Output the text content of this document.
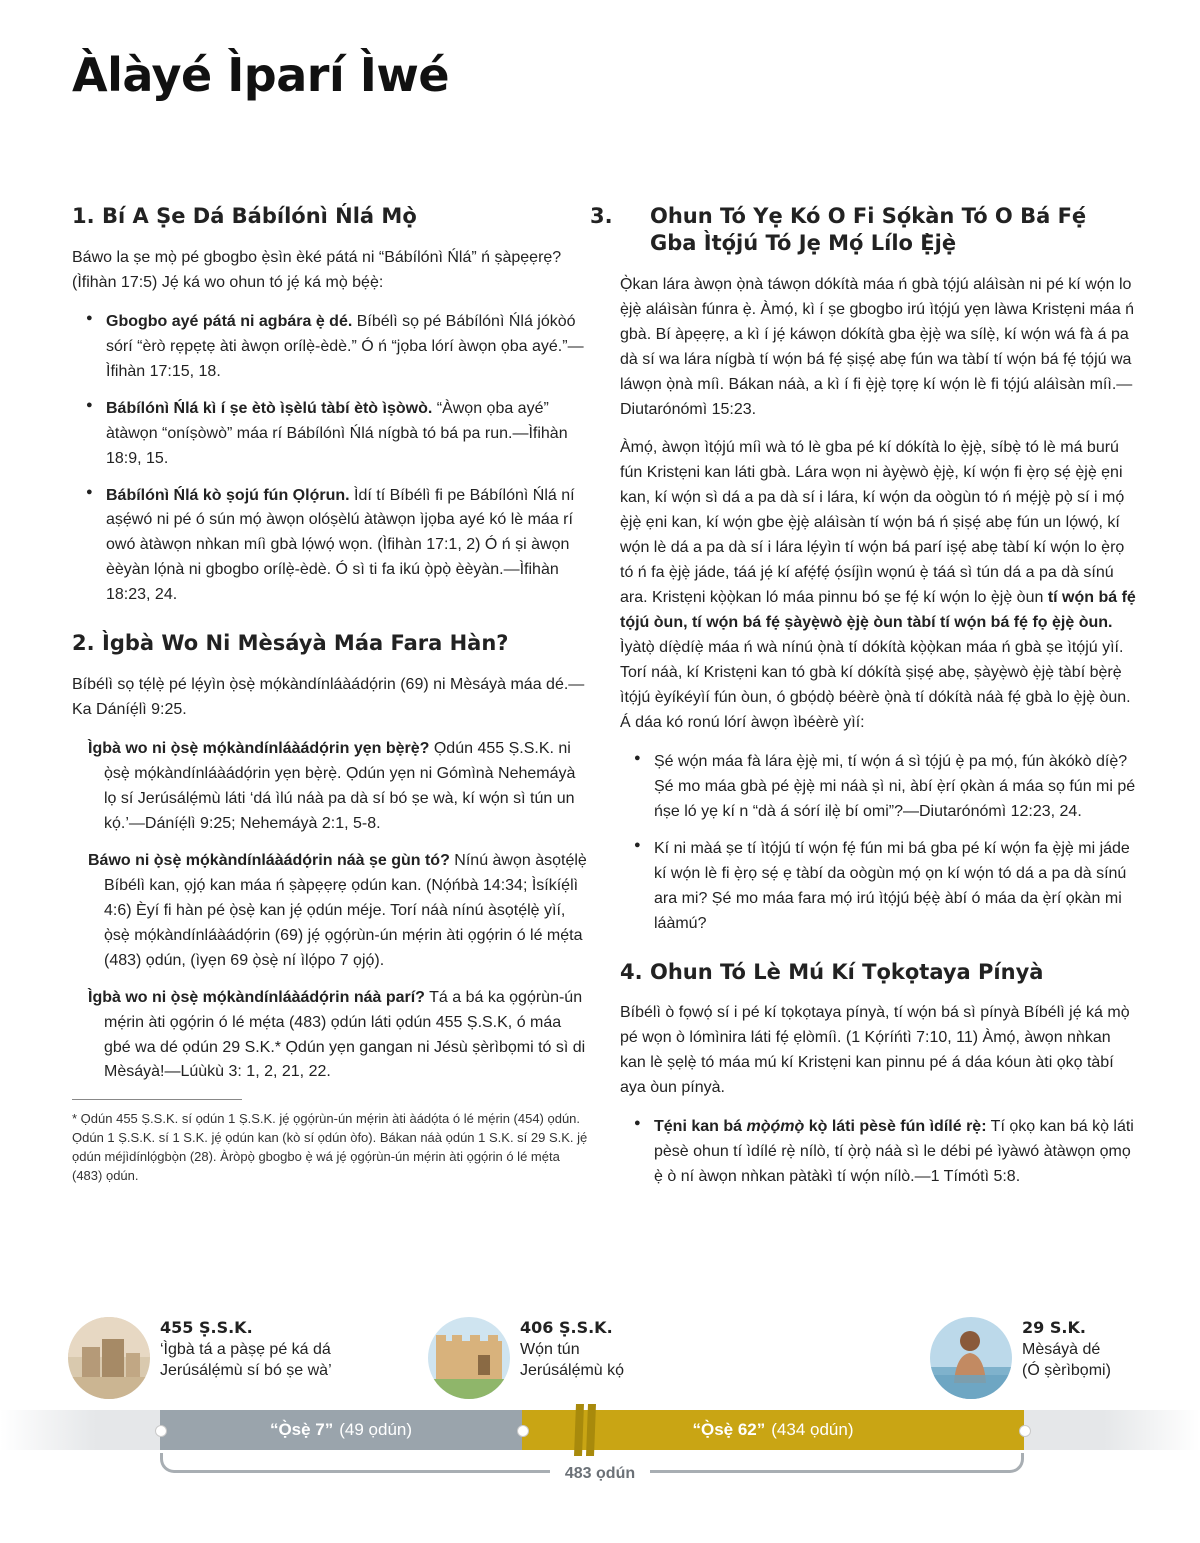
Àlàyé Ìparí Ìwé
1. Bí A Ṣe Dá Bábílónì Ńlá Mọ̀

Báwo la ṣe mọ̀ pé gbogbo ẹ̀sìn èké pátá ni “Bábílónì Ńlá” ń ṣàpẹẹrẹ? (Ìfihàn 17:5) Jẹ́ ká wo ohun tó jẹ́ ká mọ̀ bẹ́ẹ̀:

● Gbogbo ayé pátá ni agbára ẹ̀ dé. Bíbélì sọ pé Bábílónì Ńlá jókòó sórí “èrò rẹpẹtẹ àti àwọn orílẹ̀-èdè.” Ó ń “jọba lórí àwọn ọba ayé.”—Ìfihàn 17:15, 18.
● Bábílónì Ńlá kì í ṣe ètò ìṣèlú tàbí ètò ìṣòwò. “Àwọn ọba ayé” àtàwọn “oníṣòwò” máa rí Bábílónì Ńlá nígbà tó bá pa run.—Ìfihàn 18:9, 15.
● Bábílónì Ńlá kò ṣojú fún Ọlọ́run. Ìdí tí Bíbélì fi pe Bábílónì Ńlá ní aṣẹ́wó ni pé ó sún mọ́ àwọn olóṣèlú àtàwọn ìjọba ayé kó lè máa rí owó àtàwọn nǹkan míì gbà lọ́wọ́ wọn. (Ìfihàn 17:1, 2) Ó ń ṣi àwọn èèyàn lọ́nà ni gbogbo orílẹ̀-èdè. Ó sì ti fa ikú ọ̀pọ̀ èèyàn.—Ìfihàn 18:23, 24.
2. Ìgbà Wo Ni Mèsáyà Máa Fara Hàn?

Bíbélì sọ tẹ́lẹ̀ pé lẹ́yìn ọ̀sẹ̀ mọ́kàndínláàádọ́rin (69) ni Mèsáyà máa dé.—Ka Dáníẹ́lì 9:25.

Ìgbà wo ni ọ̀sẹ̀ mọ́kàndínláàádọ́rin yẹn bẹ̀rẹ̀? Ọdún 455 Ṣ.S.K. ni ọ̀sẹ̀ mọ́kàndínláàádọ́rin yẹn bẹ̀rẹ̀. Ọdún yẹn ni Gómìnà Nehemáyà lọ sí Jerúsálẹ́mù láti ‘dá ìlú náà pa dà sí bó ṣe wà, kí wọ́n sì tún un kọ́.’—Dáníẹ́lì 9:25; Nehemáyà 2:1, 5-8.
Báwo ni ọ̀sẹ̀ mọ́kàndínláàádọ́rin náà ṣe gùn tó? Nínú àwọn àsọtẹ́lẹ̀ Bíbélì kan, ọjọ́ kan máa ń ṣàpẹẹrẹ ọdún kan. (Nọ́ńbà 14:34; Ìsíkíẹ́lì 4:6) Èyí fi hàn pé ọ̀sẹ̀ kan jẹ́ ọdún méje. Torí náà nínú àsọtẹ́lẹ̀ yìí, ọ̀sẹ̀ mọ́kàndínláàádọ́rin (69) jẹ́ ọgọ́rùn-ún mẹ́rin àti ọgọ́rin ó lé mẹ́ta (483) ọdún, (ìyẹn 69 ọ̀sẹ̀ ní ìlọ́po 7 ọjọ́).
Ìgbà wo ni ọ̀sẹ̀ mọ́kàndínláàádọ́rin náà parí? Tá a bá ka ọgọ́rùn-ún mẹ́rin àti ọgọ́rin ó lé mẹ́ta (483) ọdún láti ọdún 455 Ṣ.S.K, ó máa gbé wa dé ọdún 29 S.K.* Ọdún yẹn gangan ni Jésù ṣèrìbọmi tó sì di Mèsáyà!—Lúùkù 3: 1, 2, 21, 22.
* Ọdún 455 Ṣ.S.K. sí ọdún 1 Ṣ.S.K. jẹ́ ọgọ́rùn-ún mẹ́rin àti àádọ́ta ó lé mẹ́rin (454) ọdún. Ọdún 1 Ṣ.S.K. sí 1 S.K. jẹ́ ọdún kan (kò sí ọdún òfo). Bákan náà ọdún 1 S.K. sí 29 S.K. jẹ́ ọdún méjìdínlọ́gbọ̀n (28). Àròpọ̀ gbogbo ẹ̀ wá jẹ́ ọgọ́rùn-ún mẹ́rin àti ọgọ́rin ó lé mẹ́ta (483) ọdún.
3. Ohun Tó Yẹ Kó O Fi Sọ́kàn Tó O Bá Fẹ́ Gba Ìtọ́jú Tó Jẹ Mọ́ Lílo Ẹ̀jẹ̀

Ọ̀kan lára àwọn ọ̀nà táwọn dókítà máa ń gbà tọ́jú aláìsàn ni pé kí wọ́n lo ẹ̀jẹ̀ aláìsàn fúnra ẹ̀. Àmọ́, kì í ṣe gbogbo irú ìtọ́jú yẹn làwa Kristẹni máa ń gbà. Bí àpẹẹrẹ, a kì í jẹ́ káwọn dókítà gba ẹ̀jẹ̀ wa sílẹ̀, kí wọ́n wá fà á pa dà sí wa lára nígbà tí wọ́n bá fẹ́ ṣiṣẹ́ abẹ fún wa tàbí tí wọ́n bá fẹ́ tọ́jú wa láwọn ọ̀nà míì. Bákan náà, a kì í fi ẹ̀jẹ̀ tọrẹ kí wọ́n lè fi tọ́jú aláìsàn míì.—Diutarónómì 15:23.

Àmọ́, àwọn ìtọ́jú míì wà tó lè gba pé kí dókítà lo ẹ̀jẹ̀, síbẹ̀ tó lè má burú fún Kristẹni kan láti gbà. Lára wọn ni àyẹ̀wò ẹ̀jẹ̀, kí wọ́n fi ẹ̀rọ sẹ́ ẹ̀jẹ̀ ẹni kan, kí wọ́n sì dá a pa dà sí i lára, kí wọ́n da oògùn tó ń mẹ́jẹ̀ pọ̀ sí i mọ́ ẹ̀jẹ̀ ẹni kan, kí wọ́n gbe ẹ̀jẹ̀ aláìsàn tí wọ́n bá ń ṣiṣẹ́ abẹ fún un lọ́wọ́, kí wọ́n lè dá a pa dà sí i lára lẹ́yìn tí wọ́n bá parí iṣẹ́ abẹ tàbí kí wọ́n lo ẹ̀rọ tó ń fa ẹ̀jẹ̀ jáde, táá jẹ́ kí afẹ́fẹ́ ọ́síjìn wọnú ẹ̀ táá sì tún dá a pa dà sínú ara. Kristẹni kọ̀ọ̀kan ló máa pinnu bó ṣe fẹ́ kí wọ́n lo ẹ̀jẹ̀ òun tí wọ́n bá fẹ́ tọ́jú òun, tí wọ́n bá fẹ́ ṣàyẹ̀wò ẹ̀jẹ̀ òun tàbí tí wọ́n bá fẹ́ fọ ẹ̀jẹ̀ òun. Ìyàtọ̀ díẹ̀díẹ̀ máa ń wà nínú ọ̀nà tí dókítà kọ̀ọ̀kan máa ń gbà ṣe ìtọ́jú yìí. Torí náà, kí Kristẹni kan tó gbà kí dókítà ṣiṣẹ́ abẹ, ṣàyẹ̀wò ẹ̀jẹ̀ tàbí bẹ̀rẹ̀ ìtọ́jú èyíkéyìí fún òun, ó gbọ́dọ̀ béèrè ọ̀nà tí dókítà náà fẹ́ gbà lo ẹ̀jẹ̀ òun. Á dáa kó ronú lórí àwọn ìbéèrè yìí:

● Ṣé wọ́n máa fà lára ẹ̀jẹ̀ mi, tí wọ́n á sì tọ́jú ẹ̀ pa mọ́, fún àkókò díẹ̀? Ṣé mo máa gbà pé ẹ̀jẹ̀ mi náà ṣì ni, àbí ẹ̀rí ọkàn á máa sọ fún mi pé ńṣe ló yẹ kí n “dà á sórí ilẹ̀ bí omi”?—Diutarónómì 12:23, 24.
● Kí ni màá ṣe tí ìtọ́jú tí wọ́n fẹ́ fún mi bá gba pé kí wọ́n fa ẹ̀jẹ̀ mi jáde kí wọ́n lè fi ẹ̀rọ sẹ́ ẹ tàbí da oògùn mọ́ ọn kí wọ́n tó dá a pa dà sínú ara mi? Ṣé mo máa fara mọ́ irú ìtọ́jú bẹ́ẹ̀ àbí ó máa da ẹ̀rí ọkàn mi láàmú?
4. Ohun Tó Lè Mú Kí Tọkọtaya Pínyà

Bíbélì ò fọwọ́ sí i pé kí tọkọtaya pínyà, tí wọ́n bá sì pínyà Bíbélì jẹ́ ká mọ̀ pé wọn ò lómìnira láti fẹ́ ẹlòmíì. (1 Kọ́ríńtì 7:10, 11) Àmọ́, àwọn nǹkan kan lè ṣẹlẹ̀ tó máa mú kí Kristẹni kan pinnu pé á dáa kóun àti ọkọ tàbí aya òun pínyà.

● Tẹ́ni kan bá mọ̀ọ́mọ̀ kọ̀ láti pèsè fún ìdílé rẹ̀: Tí ọkọ kan bá kọ̀ láti pèsè ohun tí ìdílé rẹ̀ nílò, tí ọ̀rọ̀ náà sì le débi pé ìyàwó àtàwọn ọmọ ẹ̀ ò ní àwọn nǹkan pàtàkì tí wọ́n nílò.—1 Tímótì 5:8.
455 Ṣ.S.K.
‘Ìgbà tá a pàṣẹ pé ká dá
Jerúsálẹ́mù sí bó ṣe wà’
406 Ṣ.S.K.
Wọ́n tún
Jerúsálẹ́mù kọ́
29 S.K.
Mèsáyà dé
(Ó ṣèrìbọmi)
“Ọ̀sẹ̀ 7” (49 ọdún)	“Ọ̀sẹ̀ 62” (434 ọdún)
483 ọdún
